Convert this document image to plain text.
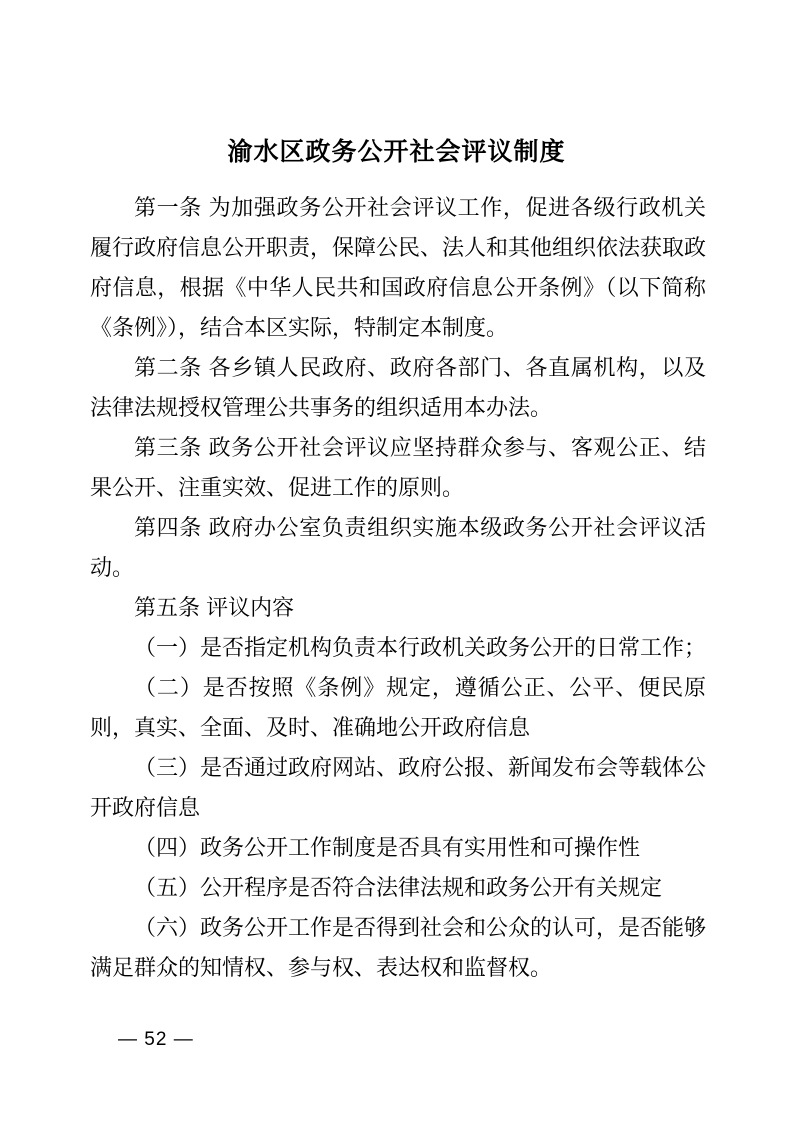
渝水区政务公开社会评议制度

第一条 为加强政务公开社会评议工作，促进各级行政机关履行政府信息公开职责，保障公民、法人和其他组织依法获取政府信息，根据《中华人民共和国政府信息公开条例》（以下简称《条例》），结合本区实际，特制定本制度。

第二条 各乡镇人民政府、政府各部门、各直属机构，以及法律法规授权管理公共事务的组织适用本办法。

第三条 政务公开社会评议应坚持群众参与、客观公正、结果公开、注重实效、促进工作的原则。

第四条 政府办公室负责组织实施本级政务公开社会评议活动。

第五条 评议内容

（一）是否指定机构负责本行政机关政务公开的日常工作；

（二）是否按照《条例》规定，遵循公正、公平、便民原则，真实、全面、及时、准确地公开政府信息

（三）是否通过政府网站、政府公报、新闻发布会等载体公开政府信息

（四）政务公开工作制度是否具有实用性和可操作性

（五）公开程序是否符合法律法规和政务公开有关规定

（六）政务公开工作是否得到社会和公众的认可，是否能够满足群众的知情权、参与权、表达权和监督权。

— 52 —
